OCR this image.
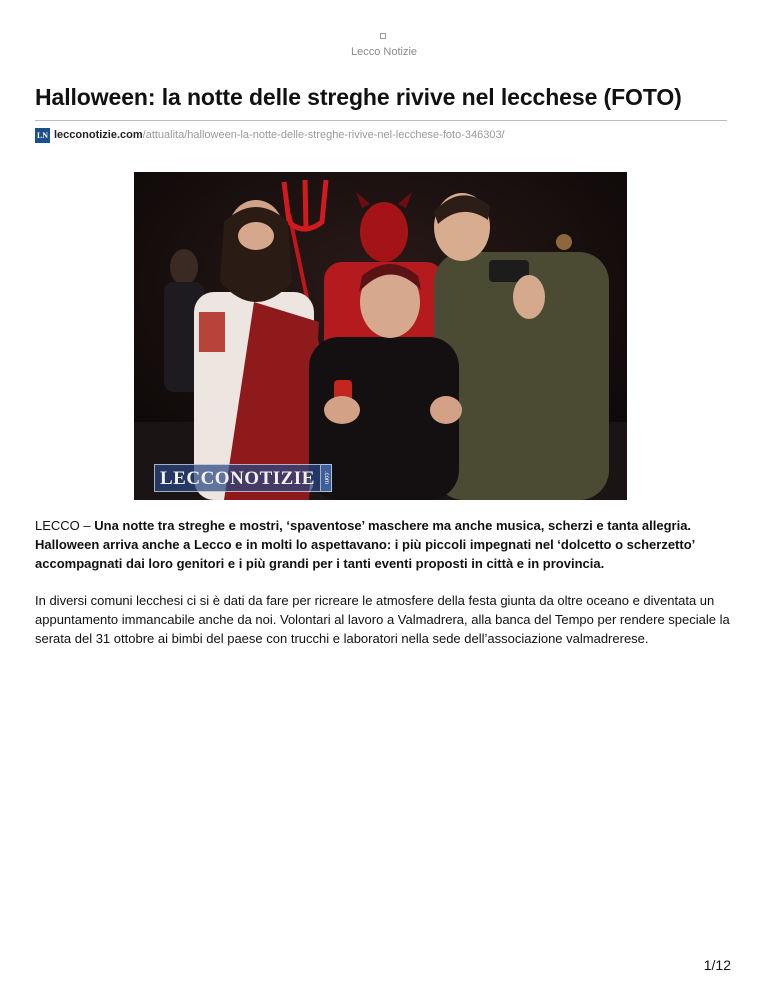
Lecco Notizie
Halloween: la notte delle streghe rivive nel lecchese (FOTO)
LN lecconotizie.com /attualita/halloween-la-notte-delle-streghe-rivive-nel-lecchese-foto-346303/
LECCONOTIZIE	.com

LECCO – Una notte tra streghe e mostri, ‘spaventose’ maschere ma anche musica, scherzi e tanta allegria. Halloween arriva anche a Lecco e in molti lo aspettavano: i più piccoli impegnati nel ‘dolcetto o scherzetto’ accompagnati dai loro genitori e i più grandi per i tanti eventi proposti in città e in provincia.

In diversi comuni lecchesi ci si è dati da fare per ricreare le atmosfere della festa giunta da oltre oceano e diventata un appuntamento immancabile anche da noi. Volontari al lavoro a Valmadrera, alla banca del Tempo per rendere speciale la serata del 31 ottobre ai bimbi del paese con trucchi e laboratori nella sede dell’associazione valmadrerese.

1/12
